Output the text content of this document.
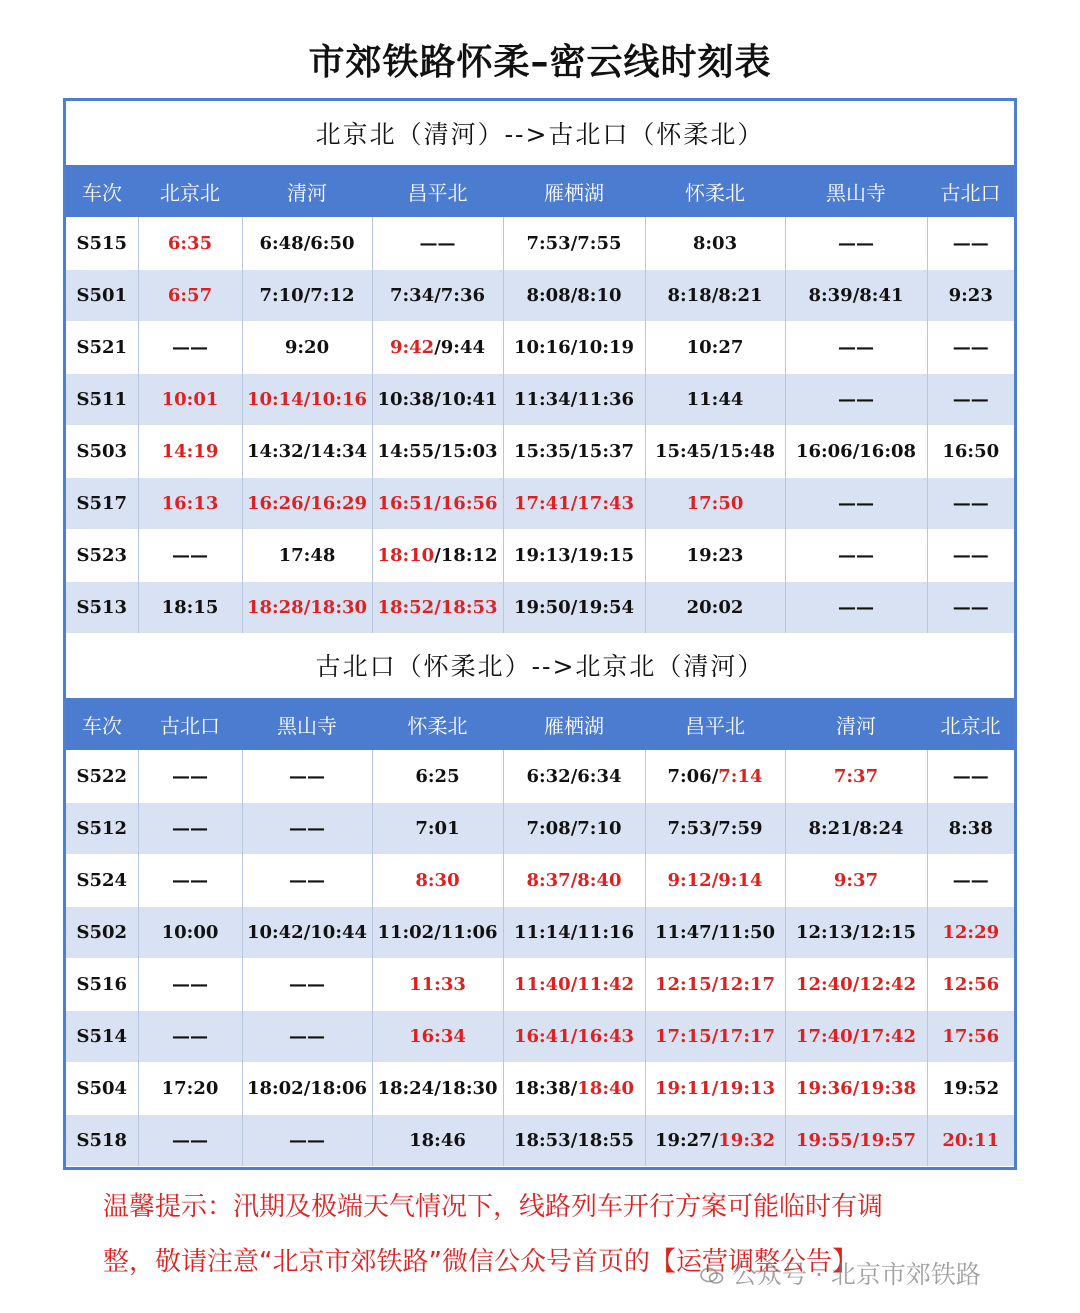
市郊铁路怀柔–密云线时刻表
北京北（清河）-->古北口（怀柔北）
车次	北京北	清河	昌平北	雁栖湖	怀柔北	黑山寺	古北口
S515	6:35	6:48/6:50	——	7:53/7:55	8:03	——	——
S501	6:57	7:10/7:12	7:34/7:36	8:08/8:10	8:18/8:21	8:39/8:41	9:23
S521	——	9:20	9:42/9:44	10:16/10:19	10:27	——	——
S511	10:01	10:14/10:16	10:38/10:41	11:34/11:36	11:44	——	——
S503	14:19	14:32/14:34	14:55/15:03	15:35/15:37	15:45/15:48	16:06/16:08	16:50
S517	16:13	16:26/16:29	16:51/16:56	17:41/17:43	17:50	——	——
S523	——	17:48	18:10/18:12	19:13/19:15	19:23	——	——
S513	18:15	18:28/18:30	18:52/18:53	19:50/19:54	20:02	——	——
古北口（怀柔北）-->北京北（清河）
车次	古北口	黑山寺	怀柔北	雁栖湖	昌平北	清河	北京北
S522	——	——	6:25	6:32/6:34	7:06/7:14	7:37	——
S512	——	——	7:01	7:08/7:10	7:53/7:59	8:21/8:24	8:38
S524	——	——	8:30	8:37/8:40	9:12/9:14	9:37	——
S502	10:00	10:42/10:44	11:02/11:06	11:14/11:16	11:47/11:50	12:13/12:15	12:29
S516	——	——	11:33	11:40/11:42	12:15/12:17	12:40/12:42	12:56
S514	——	——	16:34	16:41/16:43	17:15/17:17	17:40/17:42	17:56
S504	17:20	18:02/18:06	18:24/18:30	18:38/18:40	19:11/19:13	19:36/19:38	19:52
S518	——	——	18:46	18:53/18:55	19:27/19:32	19:55/19:57	20:11
温馨提示：汛期及极端天气情况下，线路列车开行方案可能临时有调
整，敬请注意“北京市郊铁路”微信公众号首页的【运营调整公告】
公众号 · 北京市郊铁路
